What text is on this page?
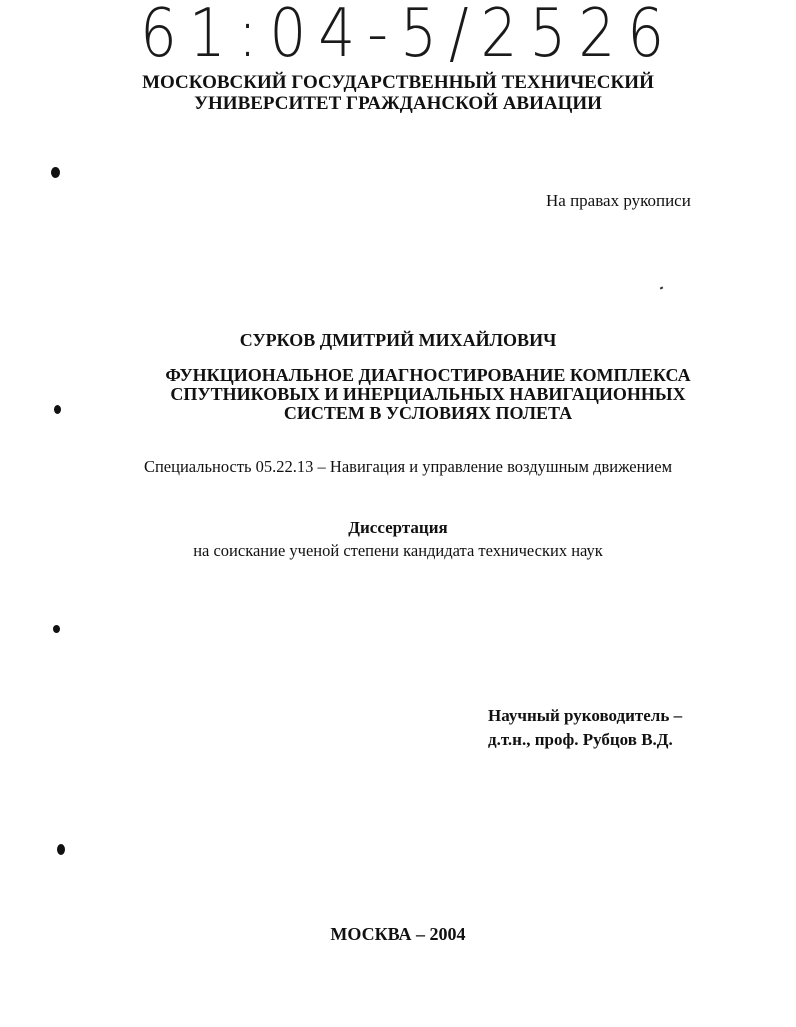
61:04-5/2526
МОСКОВСКИЙ ГОСУДАРСТВЕННЫЙ ТЕХНИЧЕСКИЙ
УНИВЕРСИТЕТ ГРАЖДАНСКОЙ АВИАЦИИ
На правах рукописи
СУРКОВ ДМИТРИЙ МИХАЙЛОВИЧ
ФУНКЦИОНАЛЬНОЕ ДИАГНОСТИРОВАНИЕ КОМПЛЕКСА
СПУТНИКОВЫХ И ИНЕРЦИАЛЬНЫХ НАВИГАЦИОННЫХ
СИСТЕМ В УСЛОВИЯХ ПОЛЕТА
Специальность 05.22.13 – Навигация и управление воздушным движением
Диссертация
на соискание ученой степени кандидата технических наук
Научный руководитель –
д.т.н., проф. Рубцов В.Д.
МОСКВА – 2004
